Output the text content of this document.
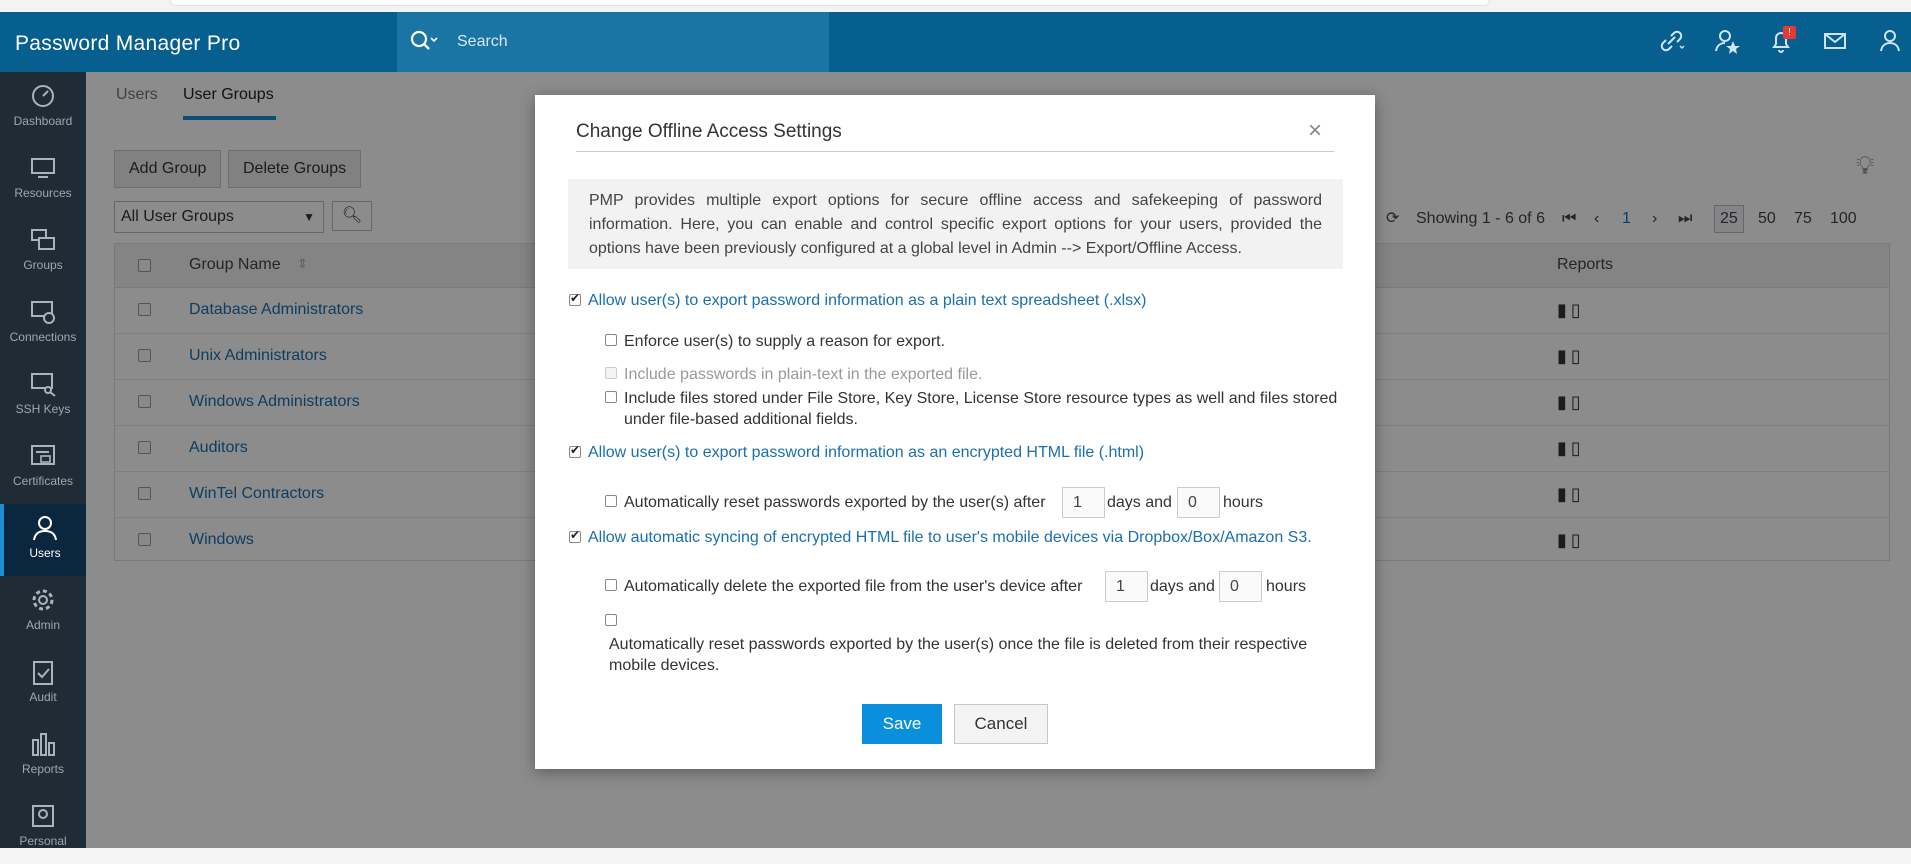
Password Manager Pro
Search	!
Dashboard
Resources
Groups
Connections
SSH Keys
Certificates
Users
Admin
Audit
Reports
Personal
Users User Groups
Add Group	Delete Groups
All User Groups	▼	🔍︎
💡︎
⟳ Showing 1 - 6 of 6 ⏮︎ ‹ 1 › ⏭︎	25	50 75 100
Group Name ⇕	Reports
Database Administrators	▮▯
Unix Administrators	▮▯
Windows Administrators	▮▯
Auditors	▮▯
WinTel Contractors	▮▯
Windows	▮▯
Change Offline Access Settings	×
PMP provides multiple export options for secure offline access and safekeeping of password information. Here, you can enable and control specific export options for your users, provided the options have been previously configured at a global level in Admin --> Export/Offline Access.
✔
Allow user(s) to export password information as a plain text spreadsheet (.xlsx)
Enforce user(s) to supply a reason for export.
Include passwords in plain-text in the exported file.
Include files stored under File Store, Key Store, License Store resource types as well and files stored
under file-based additional fields.
✔
Allow user(s) to export password information as an encrypted HTML file (.html)
Automatically reset passwords exported by the user(s) after	1	days and	0	hours
✔
Allow automatic syncing of encrypted HTML file to user's mobile devices via Dropbox/Box/Amazon S3.
Automatically delete the exported file from the user's device after	1	days and 0	hours
Automatically reset passwords exported by the user(s) once the file is deleted from their respective
mobile devices.
Save	Cancel
